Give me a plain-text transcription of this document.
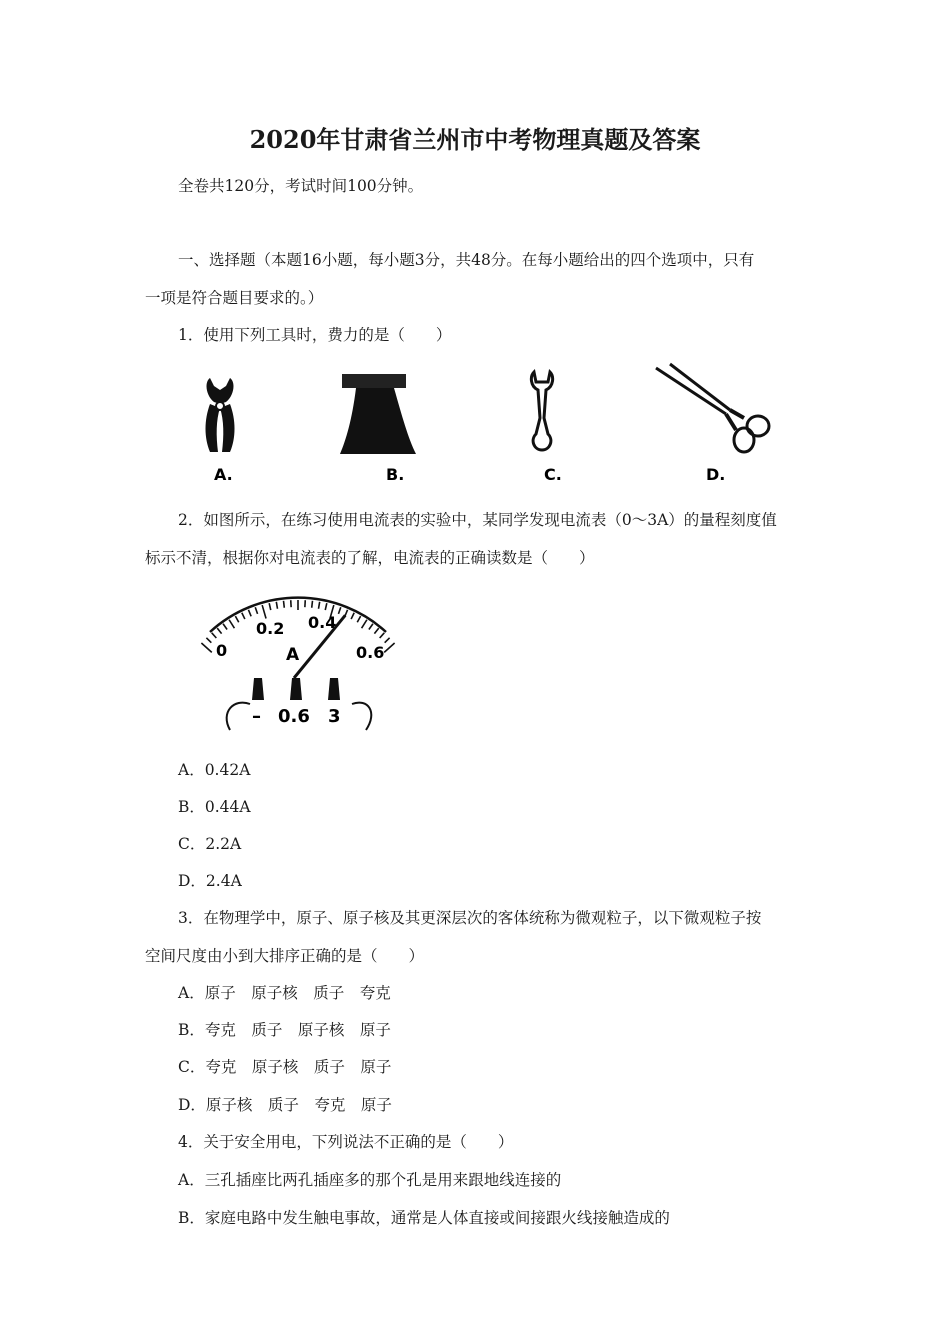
2020年甘肃省兰州市中考物理真题及答案
全卷共120分，考试时间100分钟。
一、选择题（本题16小题，每小题3分，共48分。在每小题给出的四个选项中，只有
一项是符合题目要求的。）
1．使用下列工具时，费力的是（　　）
A.	B.	C.	D.
2．如图所示，在练习使用电流表的实验中，某同学发现电流表（0～3A）的量程刻度值
标示不清，根据你对电流表的了解，电流表的正确读数是（　　）
0
0.2 0.4
0.6
A
– 0.6 3
A．0.42A
B．0.44A
C．2.2A
D．2.4A
3．在物理学中，原子、原子核及其更深层次的客体统称为微观粒子，以下微观粒子按
空间尺度由小到大排序正确的是（　　）
A．原子　原子核　质子　夸克
B．夸克　质子　原子核　原子
C．夸克　原子核　质子　原子
D．原子核　质子　夸克　原子
4．关于安全用电，下列说法不正确的是（　　）
A．三孔插座比两孔插座多的那个孔是用来跟地线连接的
B．家庭电路中发生触电事故，通常是人体直接或间接跟火线接触造成的
